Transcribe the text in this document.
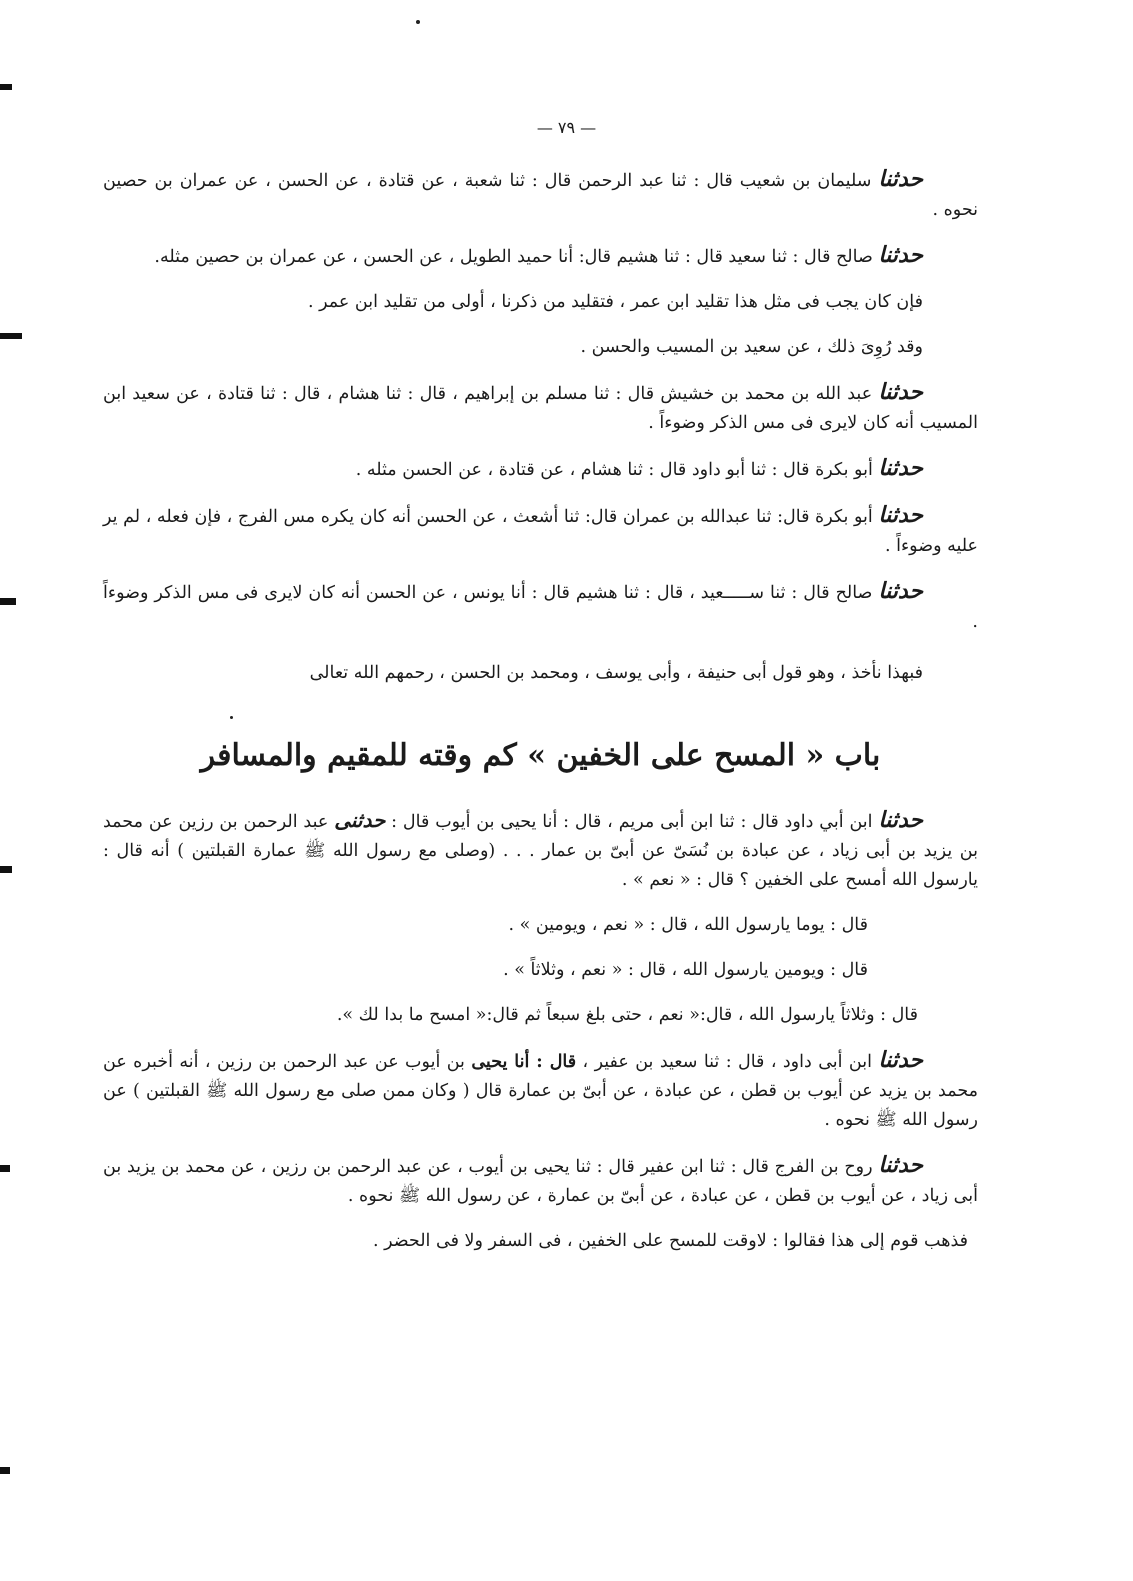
— ٧٩ —

حدثنا سليمان بن شعيب قال : ثنا عبد الرحمن قال : ثنا شعبة ، عن قتادة ، عن الحسن ، عن عمران بن حصين نحوه .

حدثنا صالح قال : ثنا سعيد قال : ثنا هشيم قال: أنا حميد الطويل ، عن الحسن ، عن عمران بن حصين مثله.

فإن كان يجب فى مثل هذا تقليد ابن عمر ، فتقليد من ذكرنا ، أولى من تقليد ابن عمر .

وقد رُوِىَ ذلك ، عن سعيد بن المسيب والحسن .

حدثنا عبد الله بن محمد بن خشيش قال : ثنا مسلم بن إبراهيم ، قال : ثنا هشام ، قال : ثنا قتادة ، عن سعيد ابن المسيب أنه كان لايرى فى مس الذكر وضوءاً .

حدثنا أبو بكرة قال : ثنا أبو داود قال : ثنا هشام ، عن قتادة ، عن الحسن مثله .

حدثنا أبو بكرة قال: ثنا عبدالله بن عمران قال: ثنا أشعث ، عن الحسن أنه كان يكره مس الفرج ، فإن فعله ، لم ير عليه وضوءاً .

حدثنا صالح قال : ثنا ســـــعيد ، قال : ثنا هشيم قال : أنا يونس ، عن الحسن أنه كان لايرى فى مس الذكر وضوءاً .

فبهذا نأخذ ، وهو قول أبى حنيفة ، وأبى يوسف ، ومحمد بن الحسن ، رحمهم الله تعالى

باب « المسح على الخفين » كم وقته للمقيم والمسافر

حدثنا ابن أبي داود قال : ثنا ابن أبى مريم ، قال : أنا يحيى بن أيوب قال : حدثنى عبد الرحمن بن رزين عن محمد بن يزيد بن أبى زياد ، عن عبادة بن نُسَىّ عن أبىّ بن عمار . . . (وصلى مع رسول الله ﷺ عمارة القبلتين ) أنه قال : يارسول الله أمسح على الخفين ؟ قال : « نعم » .

قال : يوما يارسول الله ، قال : « نعم ، ويومين » .

قال : ويومين يارسول الله ، قال : « نعم ، وثلاثاً » .

قال : وثلاثاً يارسول الله ، قال:« نعم ، حتى بلغ سبعاً ثم قال:« امسح ما بدا لك ».

حدثنا ابن أبى داود ، قال : ثنا سعيد بن عفير ، قال : أنا يحيى بن أيوب عن عبد الرحمن بن رزين ، أنه أخبره عن محمد بن يزيد عن أيوب بن قطن ، عن عبادة ، عن أبىّ بن عمارة قال ( وكان ممن صلى مع رسول الله ﷺ القبلتين ) عن رسول الله ﷺ نحوه .

حدثنا روح بن الفرج قال : ثنا ابن عفير قال : ثنا يحيى بن أيوب ، عن عبد الرحمن بن رزين ، عن محمد بن يزيد بن أبى زياد ، عن أيوب بن قطن ، عن عبادة ، عن أبىّ بن عمارة ، عن رسول الله ﷺ نحوه .

فذهب قوم إلى هذا فقالوا : لاوقت للمسح على الخفين ، فى السفر ولا فى الحضر .
